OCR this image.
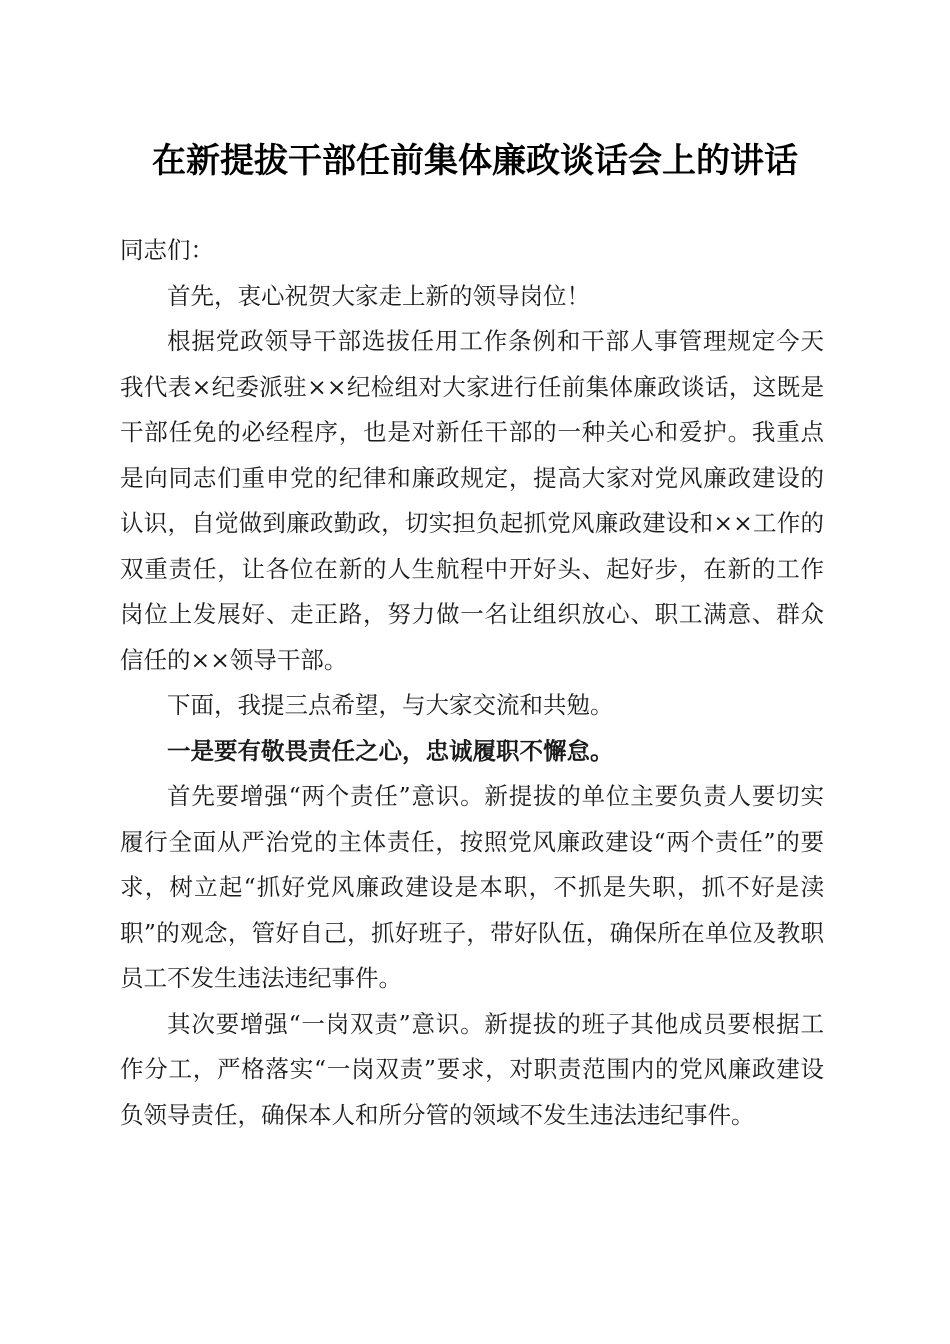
在新提拔干部任前集体廉政谈话会上的讲话

同志们：

首先，衷心祝贺大家走上新的领导岗位！

根据党政领导干部选拔任用工作条例和干部人事管理规定今天我代表×纪委派驻××纪检组对大家进行任前集体廉政谈话，这既是干部任免的必经程序，也是对新任干部的一种关心和爱护。我重点是向同志们重申党的纪律和廉政规定，提高大家对党风廉政建设的认识，自觉做到廉政勤政，切实担负起抓党风廉政建设和××工作的双重责任，让各位在新的人生航程中开好头、起好步，在新的工作岗位上发展好、走正路，努力做一名让组织放心、职工满意、群众信任的××领导干部。

下面，我提三点希望，与大家交流和共勉。

一是要有敬畏责任之心，忠诚履职不懈怠。

首先要增强“两个责任”意识。新提拔的单位主要负责人要切实履行全面从严治党的主体责任，按照党风廉政建设“两个责任”的要求，树立起“抓好党风廉政建设是本职，不抓是失职，抓不好是渎职”的观念，管好自己，抓好班子，带好队伍，确保所在单位及教职员工不发生违法违纪事件。

其次要增强“一岗双责”意识。新提拔的班子其他成员要根据工作分工，严格落实“一岗双责”要求，对职责范围内的党风廉政建设负领导责任，确保本人和所分管的领域不发生违法违纪事件。
